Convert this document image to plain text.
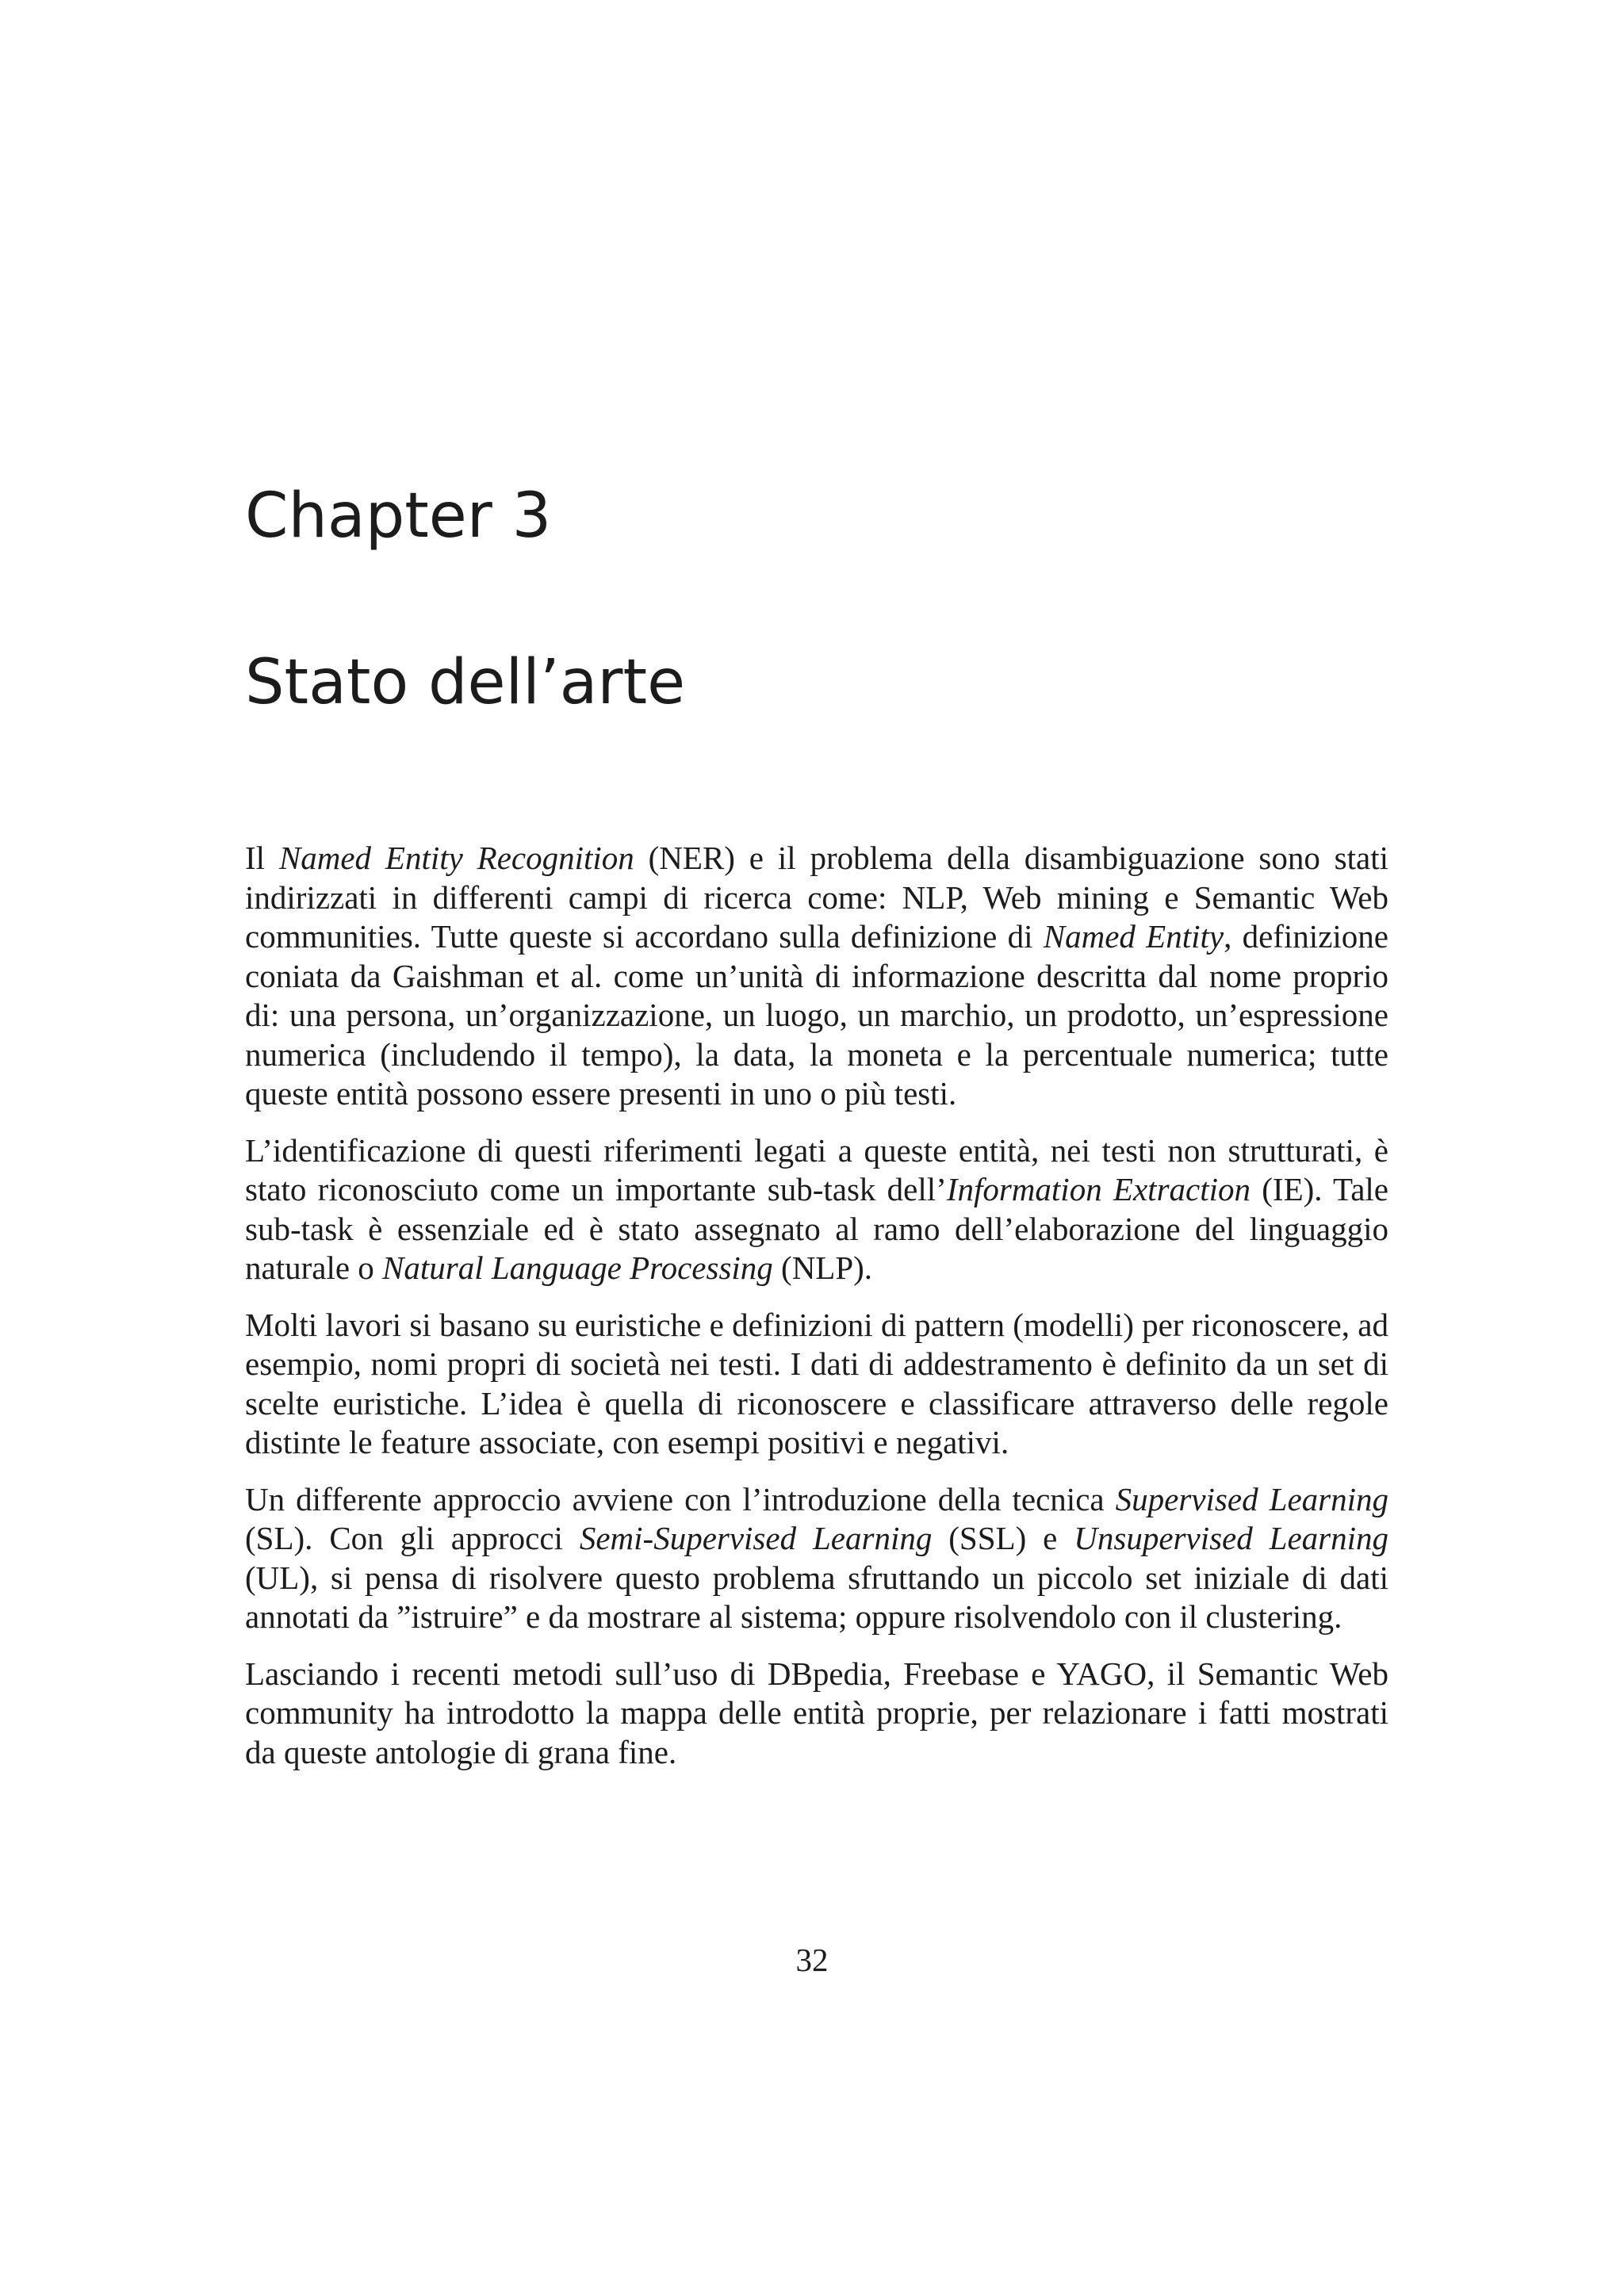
Chapter 3
Stato dell’arte

Il Named Entity Recognition (NER) e il problema della disambiguazione sono stati indirizzati in differenti campi di ricerca come: NLP, Web mining e Semantic Web communities. Tutte queste si accordano sulla definizione di Named Entity, definizione coniata da Gaishman et al. come un’unità di informazione descritta dal nome proprio di: una persona, un’organizzazione, un luogo, un marchio, un prodotto, un’espressione numerica (includendo il tempo), la data, la moneta e la percentuale numerica; tutte queste entità possono essere presenti in uno o più testi.

L’identificazione di questi riferimenti legati a queste entità, nei testi non strutturati, è stato riconosciuto come un importante sub-task dell’Information Extraction (IE). Tale sub-task è essenziale ed è stato assegnato al ramo dell’elaborazione del linguaggio naturale o Natural Language Processing (NLP).

Molti lavori si basano su euristiche e definizioni di pattern (modelli) per riconoscere, ad esempio, nomi propri di società nei testi. I dati di addestramento è definito da un set di scelte euristiche. L’idea è quella di riconoscere e classificare attraverso delle regole distinte le feature associate, con esempi positivi e negativi.

Un differente approccio avviene con l’introduzione della tecnica Supervised Learning (SL). Con gli approcci Semi-Supervised Learning (SSL) e Unsupervised Learning (UL), si pensa di risolvere questo problema sfruttando un piccolo set iniziale di dati annotati da ”istruire” e da mostrare al sistema; oppure risolvendolo con il clustering.

Lasciando i recenti metodi sull’uso di DBpedia, Freebase e YAGO, il Semantic Web community ha introdotto la mappa delle entità proprie, per relazionare i fatti mostrati da queste antologie di grana fine.

32
